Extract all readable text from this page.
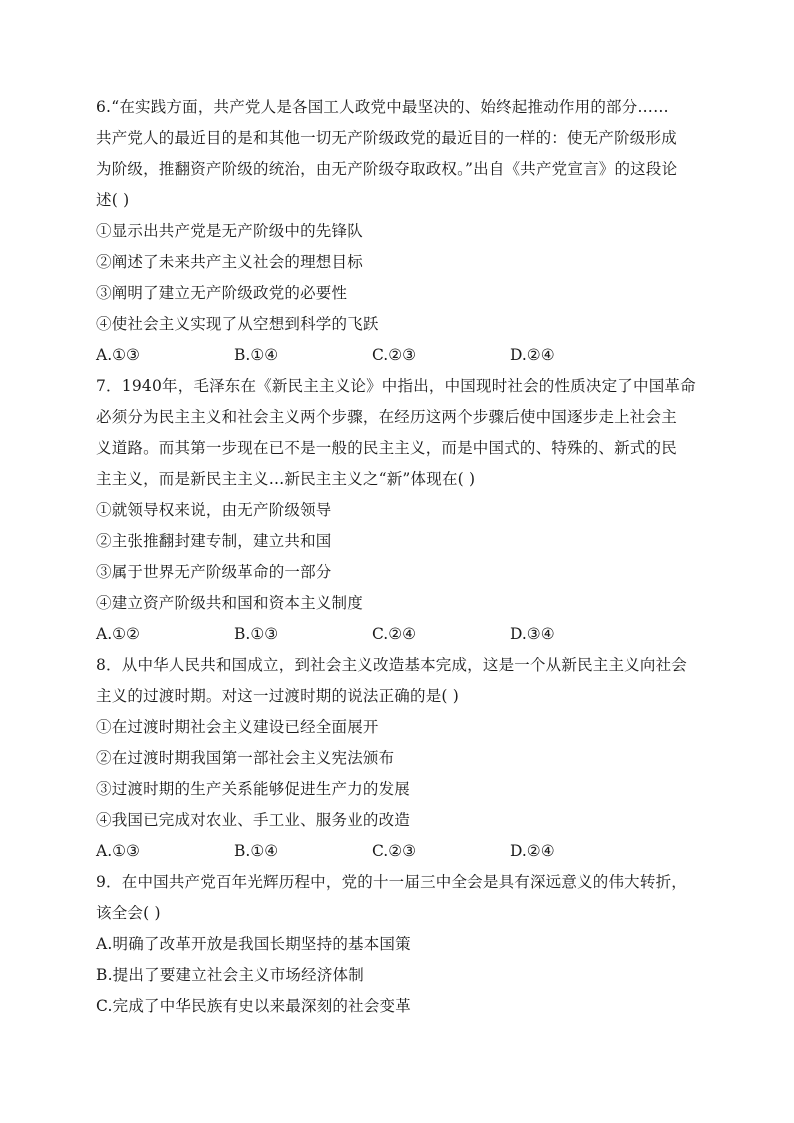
6.“在实践方面，共产党人是各国工人政党中最坚决的、始终起推动作用的部分……
共产党人的最近目的是和其他一切无产阶级政党的最近目的一样的：使无产阶级形成
为阶级，推翻资产阶级的统治，由无产阶级夺取政权。”出自《共产党宣言》的这段论
述( )
①显示出共产党是无产阶级中的先锋队
②阐述了未来共产主义社会的理想目标
③阐明了建立无产阶级政党的必要性
④使社会主义实现了从空想到科学的飞跃
A.①③	B.①④	C.②③	D.②④
7．1940年，毛泽东在《新民主主义论》中指出，中国现时社会的性质决定了中国革命
必须分为民主主义和社会主义两个步骤，在经历这两个步骤后使中国逐步走上社会主
义道路。而其第一步现在已不是一般的民主主义，而是中国式的、特殊的、新式的民
主主义，而是新民主主义…新民主主义之“新”体现在( )
①就领导权来说，由无产阶级领导
②主张推翻封建专制，建立共和国
③属于世界无产阶级革命的一部分
④建立资产阶级共和国和资本主义制度
A.①②	B.①③	C.②④	D.③④
8．从中华人民共和国成立，到社会主义改造基本完成，这是一个从新民主主义向社会
主义的过渡时期。对这一过渡时期的说法正确的是( )
①在过渡时期社会主义建设已经全面展开
②在过渡时期我国第一部社会主义宪法颁布
③过渡时期的生产关系能够促进生产力的发展
④我国已完成对农业、手工业、服务业的改造
A.①③	B.①④	C.②③	D.②④
9．在中国共产党百年光辉历程中，党的十一届三中全会是具有深远意义的伟大转折，
该全会( )
A.明确了改革开放是我国长期坚持的基本国策
B.提出了要建立社会主义市场经济体制
C.完成了中华民族有史以来最深刻的社会变革
